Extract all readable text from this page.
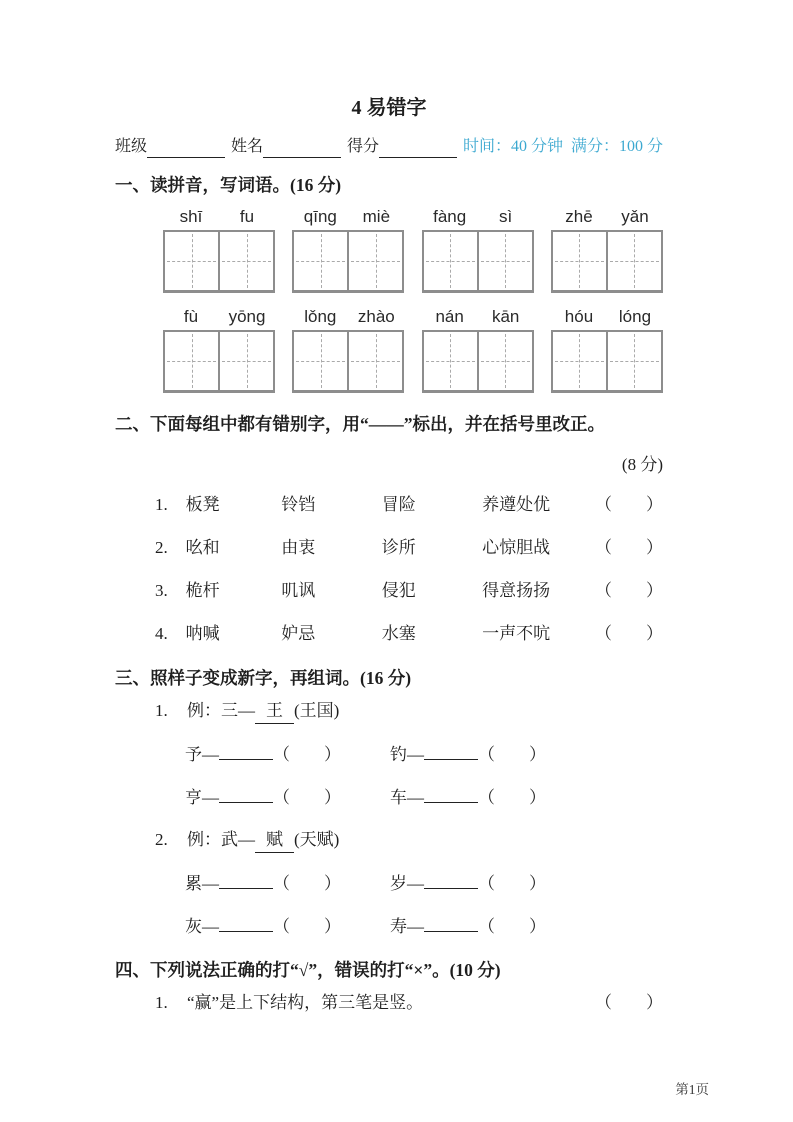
4 易错字
班级	姓名	得分	时间：40 分钟 满分：100 分
一、读拼音，写词语。(16 分)
shī	fu	qīng	miè	fàng	sì	zhē	yǎn
fù	yōng	lǒng	zhào	nán	kān	hóu	lóng
二、下面每组中都有错别字，用“——”标出，并在括号里改正。
(8 分)
1.	板凳	铃铛	冒险	养遵处优	（　　）
2.	吆和	由衷	诊所	心惊胆战	（　　）
3.	桅杆	叽讽	侵犯	得意扬扬	（　　）
4.	呐喊	妒忌	水塞	一声不吭	（　　）
三、照样子变成新字，再组词。(16 分)
1.	例：三— 王 (王国)
予—	（　　）	钓—	（　　）
亨—	（　　）	车—	（　　）
2.	例：武— 赋 (天赋)
累—	（　　）	岁—	（　　）
灰—	（　　）	寿—	（　　）
四、下列说法正确的打“√”，错误的打“×”。(10 分)
1.	“赢”是上下结构，第三笔是竖。	（　　）
第1页
